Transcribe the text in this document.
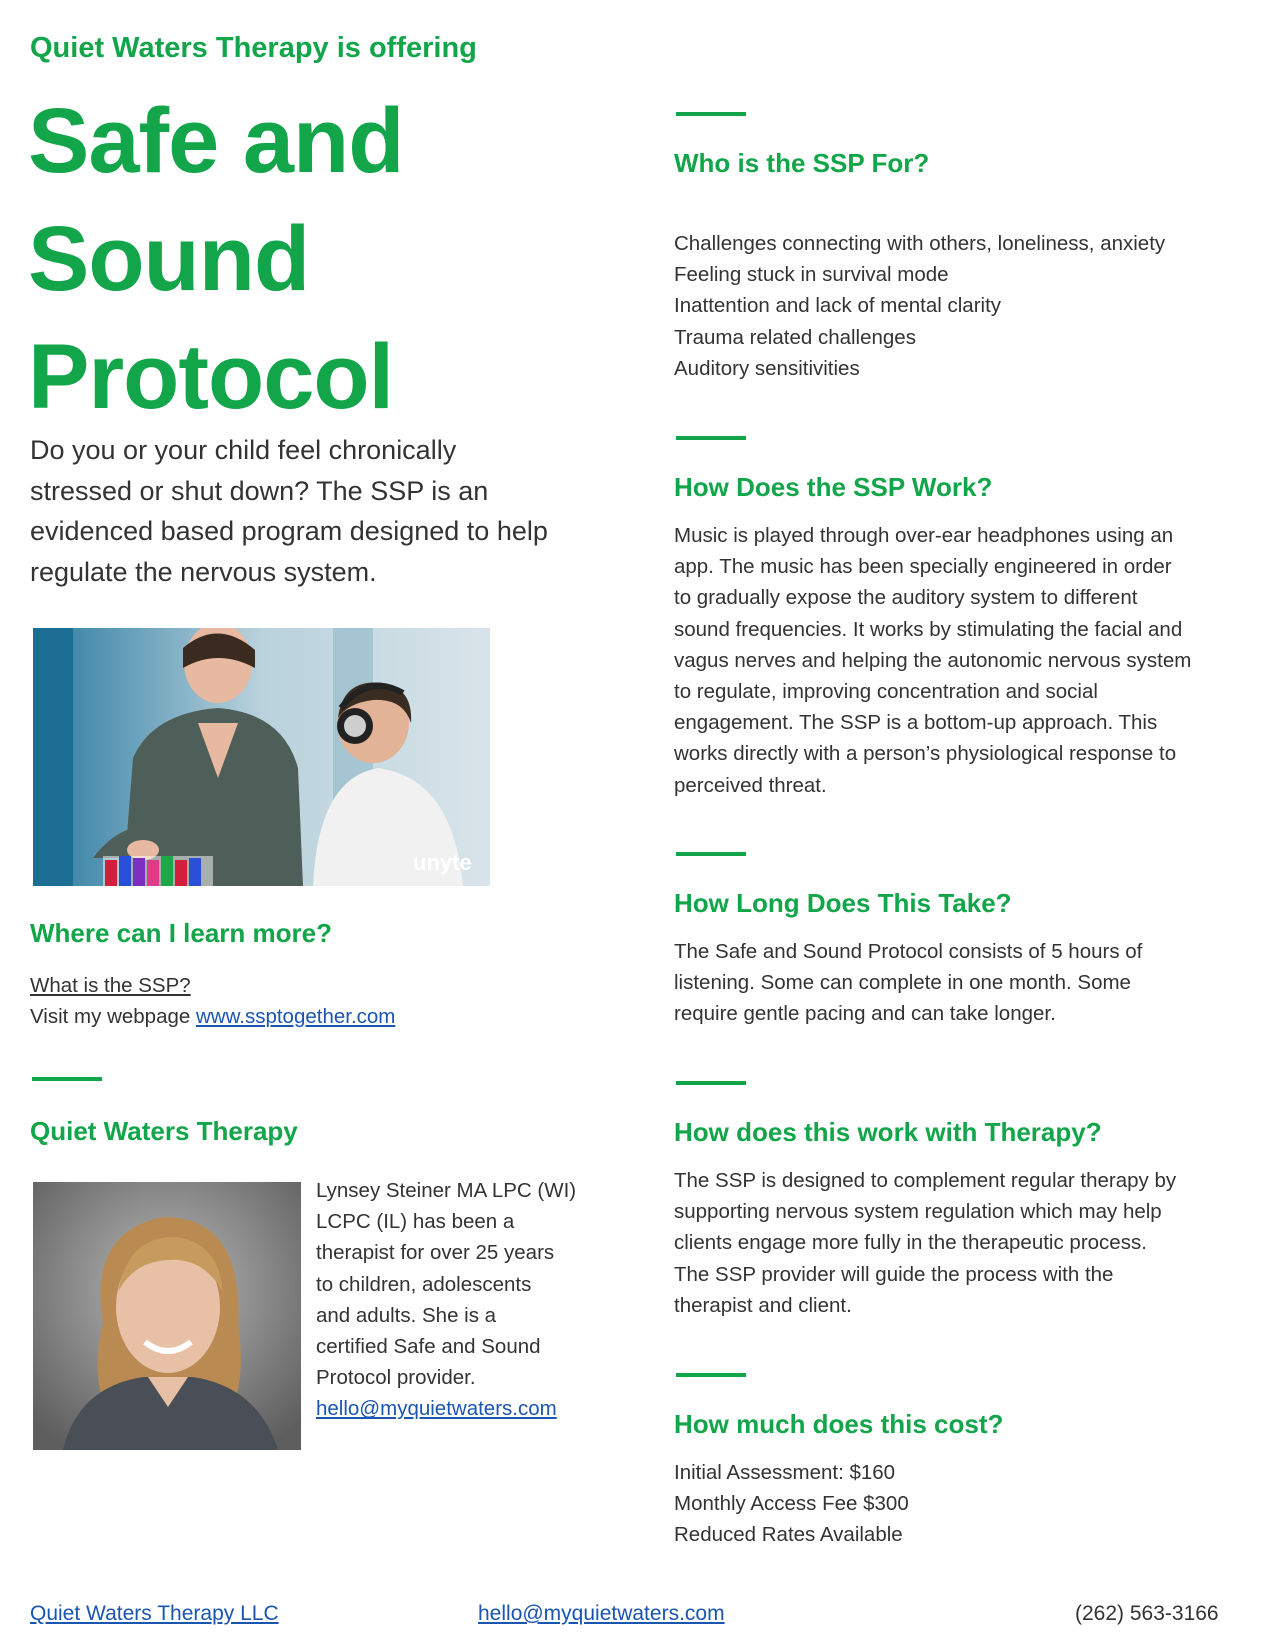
Quiet Waters Therapy is offering
Safe and
Sound
Protocol
Do you or your child feel chronically
stressed or shut down? The SSP is an
evidenced based program designed to help
regulate the nervous system.
unyte
Where can I learn more?
What is the SSP?
Visit my webpage www.ssptogether.com
Quiet Waters Therapy
Lynsey Steiner MA LPC (WI)
LCPC (IL) has been a
therapist for over 25 years
to children, adolescents
and adults. She is a
certified Safe and Sound
Protocol provider.
hello@myquietwaters.com
Who is the SSP For?
Challenges connecting with others, loneliness, anxiety
Feeling stuck in survival mode
Inattention and lack of mental clarity
Trauma related challenges
Auditory sensitivities
How Does the SSP Work?
Music is played through over-ear headphones using an
app. The music has been specially engineered in order
to gradually expose the auditory system to different
sound frequencies. It works by stimulating the facial and
vagus nerves and helping the autonomic nervous system
to regulate, improving concentration and social
engagement. The SSP is a bottom-up approach. This
works directly with a person’s physiological response to
perceived threat.
How Long Does This Take?
The Safe and Sound Protocol consists of 5 hours of
listening. Some can complete in one month. Some
require gentle pacing and can take longer.
How does this work with Therapy?
The SSP is designed to complement regular therapy by
supporting nervous system regulation which may help
clients engage more fully in the therapeutic process.
The SSP provider will guide the process with the
therapist and client.
How much does this cost?
Initial Assessment: $160
Monthly Access Fee $300
Reduced Rates Available
Quiet Waters Therapy LLC	hello@myquietwaters.com	(262) 563-3166
